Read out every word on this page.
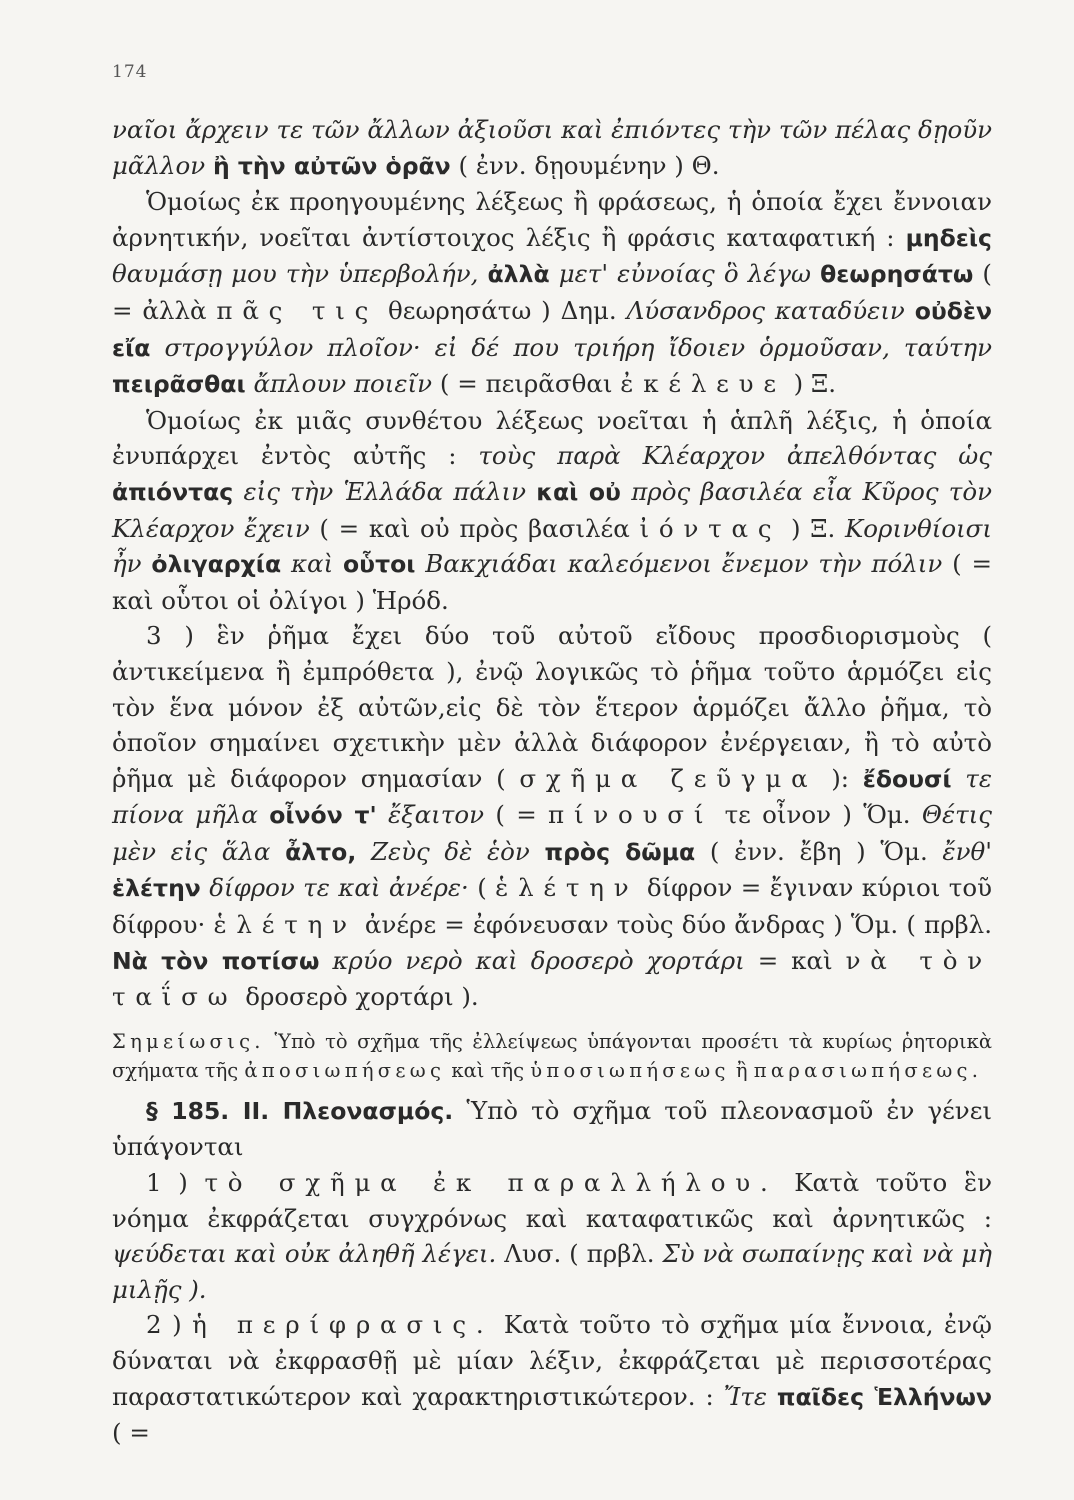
174

ναῖοι ἄρχειν τε τῶν ἄλλων ἀξιοῦσι καὶ ἐπιόντες τὴν τῶν πέλας δῃοῦν μᾶλλον ἢ τὴν αὐτῶν ὁρᾶν ( ἐνν. δῃουμένην ) Θ.

Ὁμοίως ἐκ προηγουμένης λέξεως ἢ φράσεως, ἡ ὁποία ἔχει ἔννοιαν ἀρνητικήν, νοεῖται ἀντίστοιχος λέξις ἢ φράσις καταφατική : μηδεὶς θαυμάσῃ μου τὴν ὑπερβολήν, ἀλλὰ μετ' εὐνοίας ὃ λέγω θεωρησάτω ( = ἀλλὰ πᾶς τις θεωρησάτω ) Δημ. Λύσανδρος καταδύειν οὐδὲν εἴα στρογγύλον πλοῖον· εἰ δέ που τριήρη ἴδοιεν ὁρμοῦσαν, ταύτην πειρᾶσθαι ἄπλουν ποιεῖν ( = πειρᾶσθαι ἐκέλευε ) Ξ.

Ὁμοίως ἐκ μιᾶς συνθέτου λέξεως νοεῖται ἡ ἁπλῆ λέξις, ἡ ὁποία ἐνυπάρχει ἐντὸς αὐτῆς : τοὺς παρὰ Κλέαρχον ἀπελθόντας ὡς ἀπιόντας εἰς τὴν Ἑλλάδα πάλιν καὶ οὐ πρὸς βασιλέα εἶα Κῦρος τὸν Κλέαρχον ἔχειν ( = καὶ οὐ πρὸς βασιλέα ἰόντας ) Ξ. Κορινθίοισι ἦν ὀλιγαρχία καὶ οὗτοι Βακχιάδαι καλεόμενοι ἔνεμον τὴν πόλιν ( = καὶ οὗτοι οἱ ὀλίγοι ) Ἡρόδ.

3 ) ἓν ῥῆμα ἔχει δύο τοῦ αὐτοῦ εἴδους προσδιορισμοὺς ( ἀντικείμενα ἢ ἐμπρόθετα ), ἐνῷ λογικῶς τὸ ῥῆμα τοῦτο ἁρμόζει εἰς τὸν ἕνα μόνον ἐξ αὐτῶν,εἰς δὲ τὸν ἕτερον ἁρμόζει ἄλλο ῥῆμα, τὸ ὁποῖον σημαίνει σχετικὴν μὲν ἀλλὰ διάφορον ἐνέργειαν, ἢ τὸ αὐτὸ ῥῆμα μὲ διάφορον σημασίαν ( σχῆμα ζεῦγμα ): ἔδουσί τε πίονα μῆλα οἶνόν τ' ἔξαιτον ( = πίνουσί τε οἶνον ) Ὅμ. Θέτις μὲν εἰς ἅλα ἆλτο, Ζεὺς δὲ ἑὸν πρὸς δῶμα ( ἐνν. ἔβη ) Ὅμ. ἔνθ' ἑλέτην δίφρον τε καὶ ἀνέρε· ( ἑλέτην δίφρον = ἔγιναν κύριοι τοῦ δίφρου· ἑλέτην ἀνέρε = ἐφόνευσαν τοὺς δύο ἄνδρας ) Ὅμ. ( πρβλ. Νὰ τὸν ποτίσω κρύο νερὸ καὶ δροσερὸ χορτάρι = καὶ νὰ τὸν ταΐσω δροσερὸ χορτάρι ).

Σημείωσις. Ὑπὸ τὸ σχῆμα τῆς ἐλλείψεως ὑπάγονται προσέτι τὰ κυρίως ῥητορικὰ σχήματα τῆς ἀποσιωπήσεως καὶ τῆς ὑποσιωπήσεως ἢ παρασιωπήσεως.

§ 185. II. Πλεονασμός. Ὑπὸ τὸ σχῆμα τοῦ πλεονασμοῦ ἐν γένει ὑπάγονται

1 ) τὸ σχῆμα ἐκ παραλλήλου. Κατὰ τοῦτο ἓν νόημα ἐκφράζεται συγχρόνως καὶ καταφατικῶς καὶ ἀρνητικῶς : ψεύδεται καὶ οὐκ ἀληθῆ λέγει. Λυσ. ( πρβλ. Σὺ νὰ σωπαίνῃς καὶ νὰ μὴ μιλῇς ).

2 ) ἡ περίφρασις. Κατὰ τοῦτο τὸ σχῆμα μία ἔννοια, ἐνῷ δύναται νὰ ἐκφρασθῇ μὲ μίαν λέξιν, ἐκφράζεται μὲ περισσοτέρας παραστατικώτερον καὶ χαρακτηριστικώτερον. : Ἴτε παῖδες Ἑλλήνων ( =
